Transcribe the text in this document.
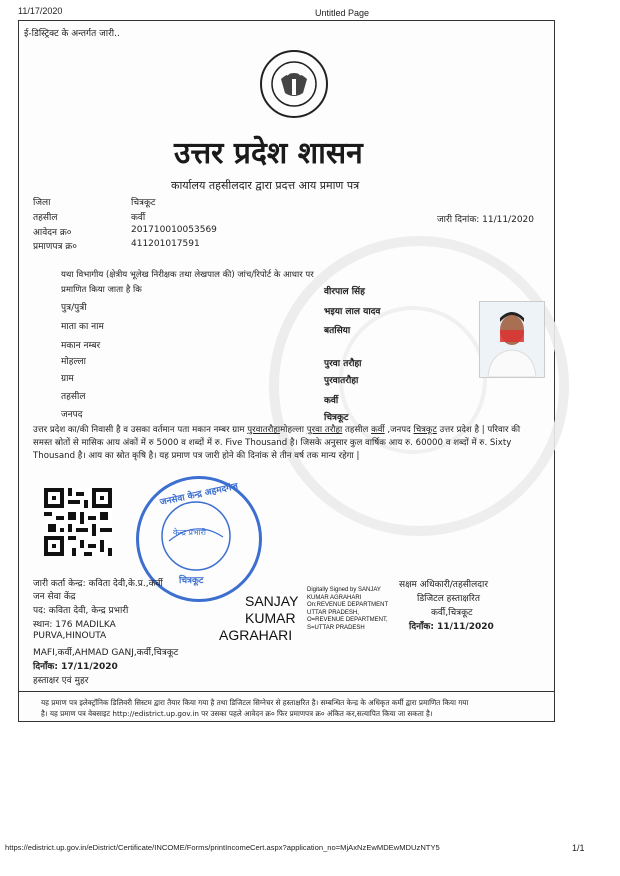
11/17/2020	Untitled Page
https://edistrict.up.gov.in/eDistrict/Certificate/INCOME/Forms/printIncomeCert.aspx?application_no=MjAxNzEwMDEwMDUzNTY5	1/1
ई-डिस्ट्रिक्ट के अन्तर्गत जारी..
उत्तर प्रदेश शासन
कार्यालय तहसीलदार द्वारा प्रदत्त आय प्रमाण पत्र
जिला	चित्रकूट
तहसील	कर्वी	जारी दिनांक: 11/11/2020
आवेदन क्र०	201710010053569
प्रमाणपत्र क्र०	411201017591
यथा विभागीय (क्षेत्रीय भूलेख निरीक्षक तथा लेखपाल की) जांच/रिपोर्ट के आधार पर
प्रमाणित किया जाता है कि	वीरपाल सिंह
पुत्र/पुत्री	भइया लाल यादव
माता का नाम	बतसिया
मकान नम्बर
मोहल्ला	पुरवा तरौहा
ग्राम	पुरवातरौहा
तहसील	कर्वी
जनपद	चित्रकूट
उत्तर प्रदेश का/की निवासी है व उसका वर्तमान पता मकान नम्बर ग्राम पुरवातरौहामोहल्ला पुरवा तरौहा तहसील कर्वी ,जनपद चित्रकूट उत्तर प्रदेश है | परिवार की समस्त स्रोतों से मासिक आय अंकों में रु 5000 व शब्दों में रु. Five Thousand है। जिसके अनुसार कुल वार्षिक आय रु. 60000 व शब्दों में रु. Sixty Thousand है। आय का स्रोत कृषि है। यह प्रमाण पत्र जारी होने की दिनांक से तीन वर्ष तक मान्य रहेगा |
जनसेवा केन्द्र अहमदगंज
केन्द्र प्रभारी
चित्रकूट
जारी कर्ता केन्द्र: कविता देवी,के.प्र.,कर्वी
जन सेवा केंद्र
पद: कविता देवी, केन्द्र प्रभारी
स्थान: 176 MADILKA
PURVA,HINOUTA
MAFI,कर्वी,AHMAD GANJ,कर्वी,चित्रकूट
दिनाँक: 17/11/2020
हस्ताक्षर एवं मुहर
SANJAY
KUMAR
AGRAHARI
Digitally Signed by SANJAY KUMAR AGRAHARI On:REVENUE DEPARTMENT UTTAR PRADESH, O=REVENUE DEPARTMENT, S=UTTAR PRADESH
सक्षम अधिकारी/तहसीलदार
डिजिटल हस्ताक्षरित
कर्वी,चित्रकूट
दिनाँक: 11/11/2020
यह प्रमाण पत्र इलेक्ट्रॉनिक डिलिवरी सिस्टम द्वारा तैयार किया गया है तथा डिजिटल सिग्नेचर से हस्ताक्षरित है। सम्बन्धित केन्द्र के अधिकृत कर्मी द्वारा प्रमाणित किया गया
है। यह प्रमाण पत्र वेबसाइट http://edistrict.up.gov.in पर उसका पहले आवेदन क्र० फिर प्रमाणपत्र क्र० अंकित कर,सत्यापित किया जा सकता है।
